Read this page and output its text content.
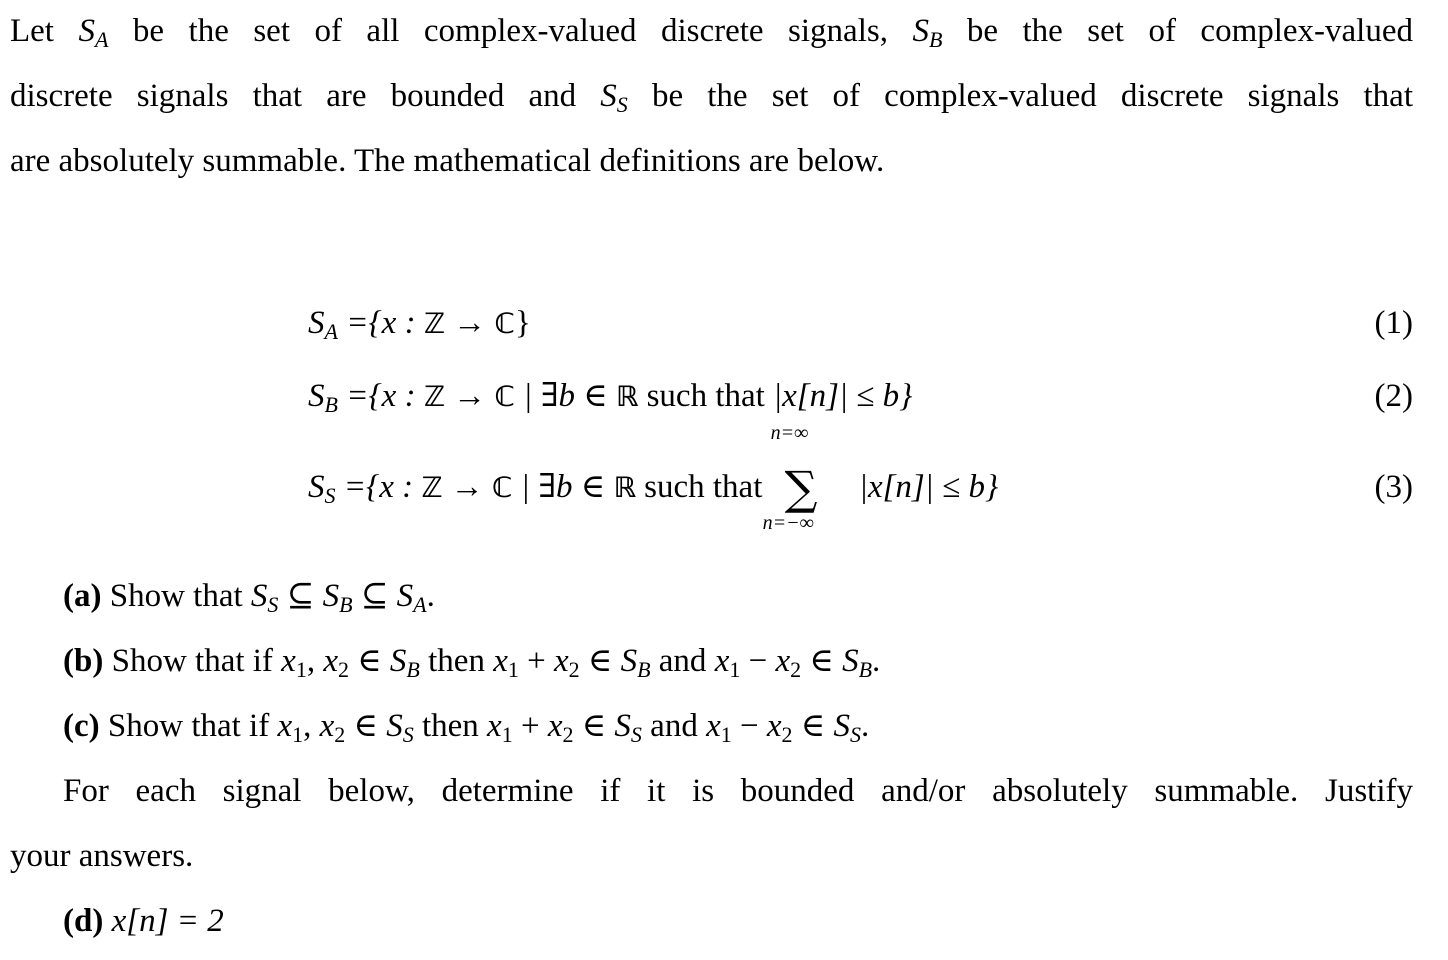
Let $S_A$ be the set of all complex-valued discrete signals, $S_B$ be the set of complex-valued
discrete signals that are bounded and $S_S$ be the set of complex-valued discrete signals that
are absolutely summable. The mathematical definitions are below.
$S_A =\{x$ : ℤ → ℂ}	(1)
$S_B =\{x$ : ℤ → ℂ | ∃b ∈ ℝ such that |x[n]| ≤ b}	(2)
$S_S =\{x$ : ℤ → ℂ | ∃b ∈ ℝ such that
n=∞
∑
n=−∞
|x[n]| ≤ b}	(3)
(a) Show that $S_S$ ⊆ $S_B$ ⊆ $S_A$.
(b) Show that if $x_1$, $x_2$ ∈ $S_B$ then $x_1 + x_2$ ∈ $S_B$ and $x_1 - x_2$ ∈ $S_B$.
(c) Show that if $x_1$, $x_2$ ∈ $S_S$ then $x_1 + x_2$ ∈ $S_S$ and $x_1 - x_2$ ∈ $S_S$.
For each signal below, determine if it is bounded and/or absolutely summable. Justify
your answers.
(d) x[n] = 2
